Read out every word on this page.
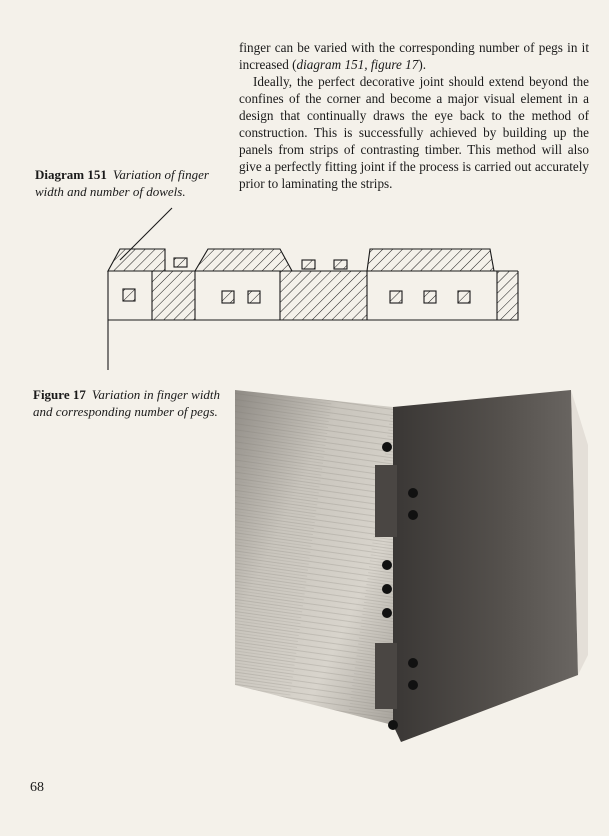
finger can be varied with the corresponding number of pegs in it increased (diagram 151, figure 17).

Ideally, the perfect decorative joint should extend beyond the confines of the corner and become a major visual element in a design that continually draws the eye back to the method of construction. This is successfully achieved by building up the panels from strips of contrasting timber. This method will also give a perfectly fitting joint if the process is carried out accurately prior to laminating the strips.

Diagram 151 Variation of finger width and number of dowels.
Figure 17 Variation in finger width and corresponding number of pegs.
68
